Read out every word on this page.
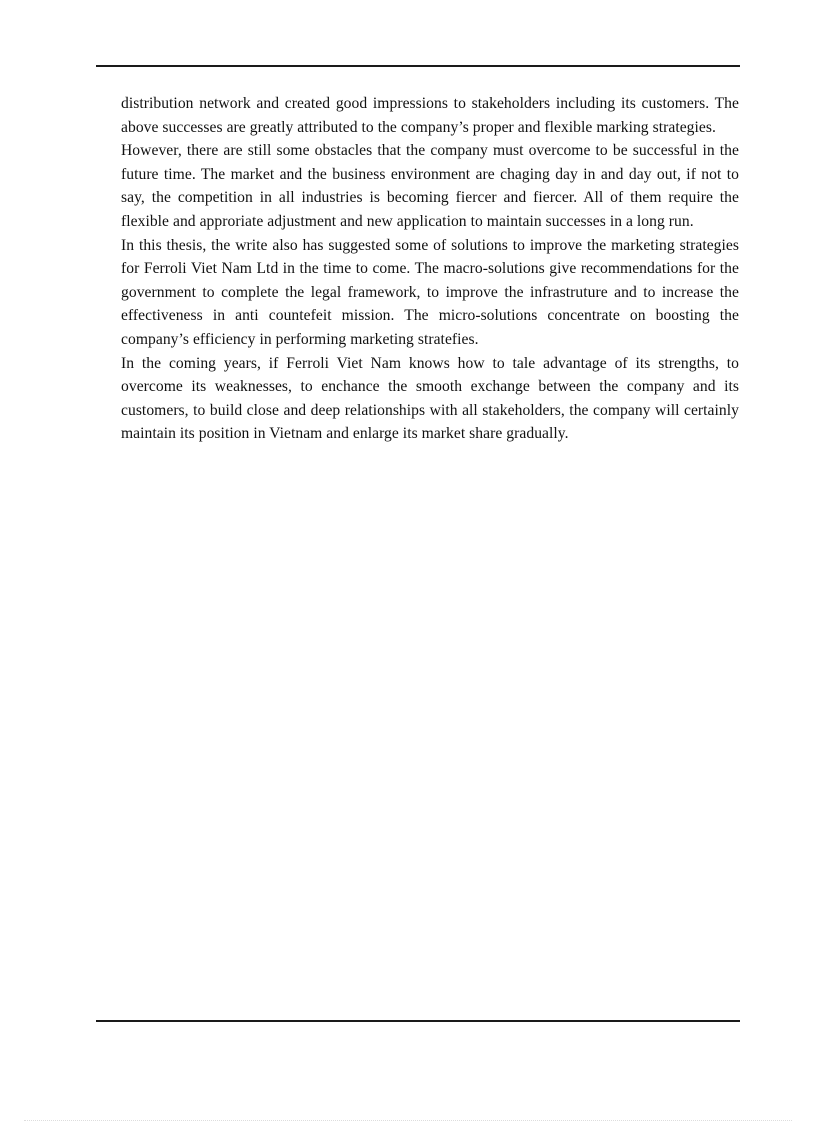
distribution network and created good impressions to stakeholders including its customers. The above successes are greatly attributed to the company’s proper and flexible marking strategies.

However, there are still some obstacles that the company must overcome to be successful in the future time. The market and the business environment are chaging day in and day out, if not to say, the competition in all industries is becoming fiercer and fiercer. All of them require the flexible and approriate adjustment and new application to maintain successes in a long run.

In this thesis, the write also has suggested some of solutions to improve the marketing strategies for Ferroli Viet Nam Ltd in the time to come. The macro-solutions give recommendations for the government to complete the legal framework, to improve the infrastruture and to increase the effectiveness in anti countefeit mission. The micro-solutions concentrate on boosting the company’s efficiency in performing marketing stratefies.

In the coming years, if Ferroli Viet Nam knows how to tale advantage of its strengths, to overcome its weaknesses, to enchance the smooth exchange between the company and its customers, to build close and deep relationships with all stakeholders, the company will certainly maintain its position in Vietnam and enlarge its market share gradually.
